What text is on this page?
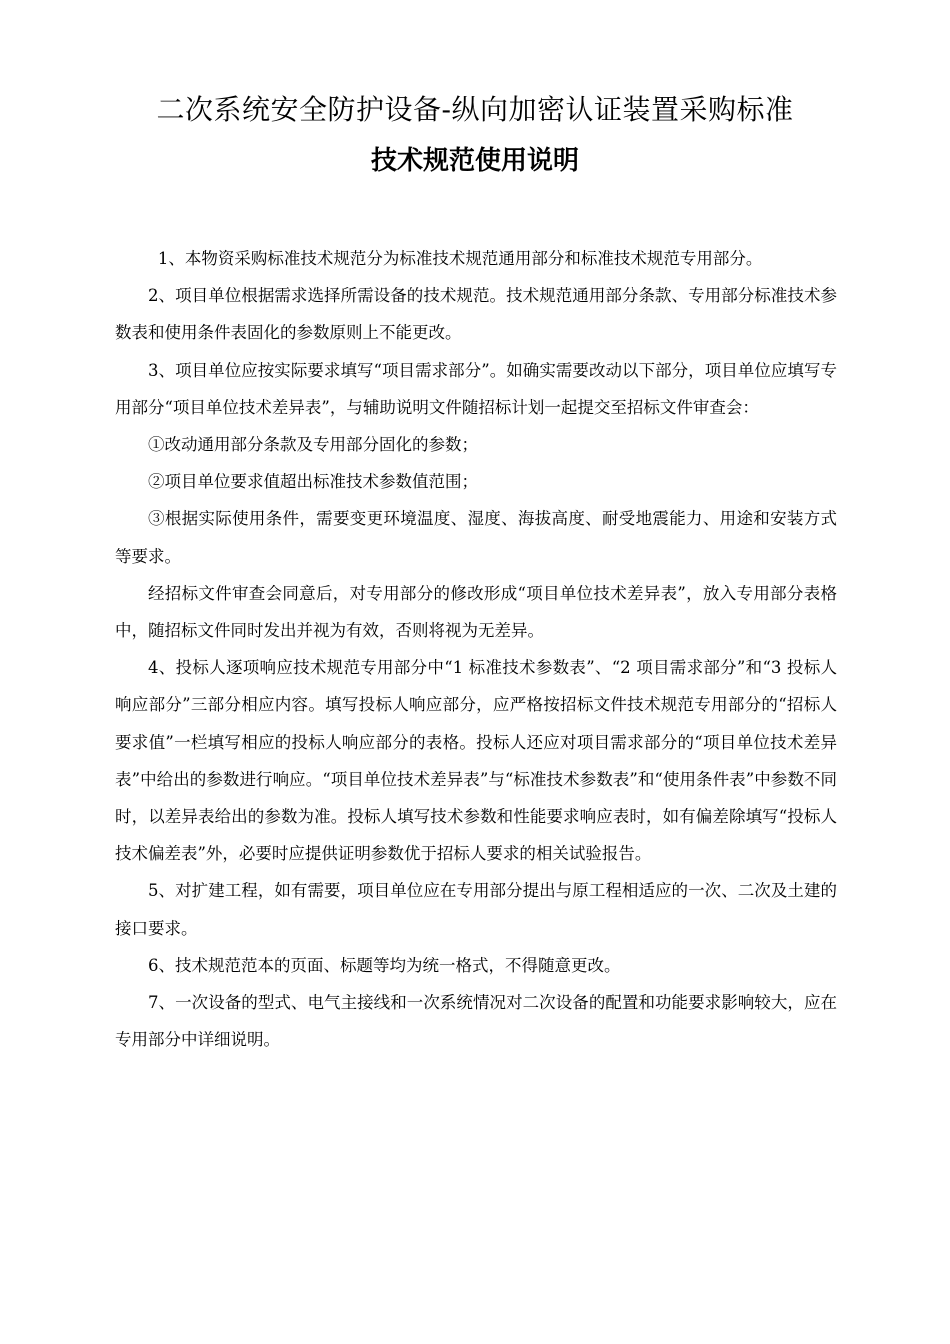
二次系统安全防护设备-纵向加密认证装置采购标准
技术规范使用说明

1、本物资采购标准技术规范分为标准技术规范通用部分和标准技术规范专用部分。

2、项目单位根据需求选择所需设备的技术规范。技术规范通用部分条款、专用部分标准技术参数表和使用条件表固化的参数原则上不能更改。

3、项目单位应按实际要求填写“项目需求部分”。如确实需要改动以下部分，项目单位应填写专用部分“项目单位技术差异表”，与辅助说明文件随招标计划一起提交至招标文件审查会：

①改动通用部分条款及专用部分固化的参数；

②项目单位要求值超出标准技术参数值范围；

③根据实际使用条件，需要变更环境温度、湿度、海拔高度、耐受地震能力、用途和安装方式等要求。

经招标文件审查会同意后，对专用部分的修改形成“项目单位技术差异表”，放入专用部分表格中，随招标文件同时发出并视为有效，否则将视为无差异。

4、投标人逐项响应技术规范专用部分中“1 标准技术参数表”、“2 项目需求部分”和“3 投标人响应部分”三部分相应内容。填写投标人响应部分，应严格按招标文件技术规范专用部分的“招标人要求值”一栏填写相应的投标人响应部分的表格。投标人还应对项目需求部分的“项目单位技术差异表”中给出的参数进行响应。“项目单位技术差异表”与“标准技术参数表”和“使用条件表”中参数不同时，以差异表给出的参数为准。投标人填写技术参数和性能要求响应表时，如有偏差除填写“投标人技术偏差表”外，必要时应提供证明参数优于招标人要求的相关试验报告。

5、对扩建工程，如有需要，项目单位应在专用部分提出与原工程相适应的一次、二次及土建的接口要求。

6、技术规范范本的页面、标题等均为统一格式，不得随意更改。

7、一次设备的型式、电气主接线和一次系统情况对二次设备的配置和功能要求影响较大，应在专用部分中详细说明。
